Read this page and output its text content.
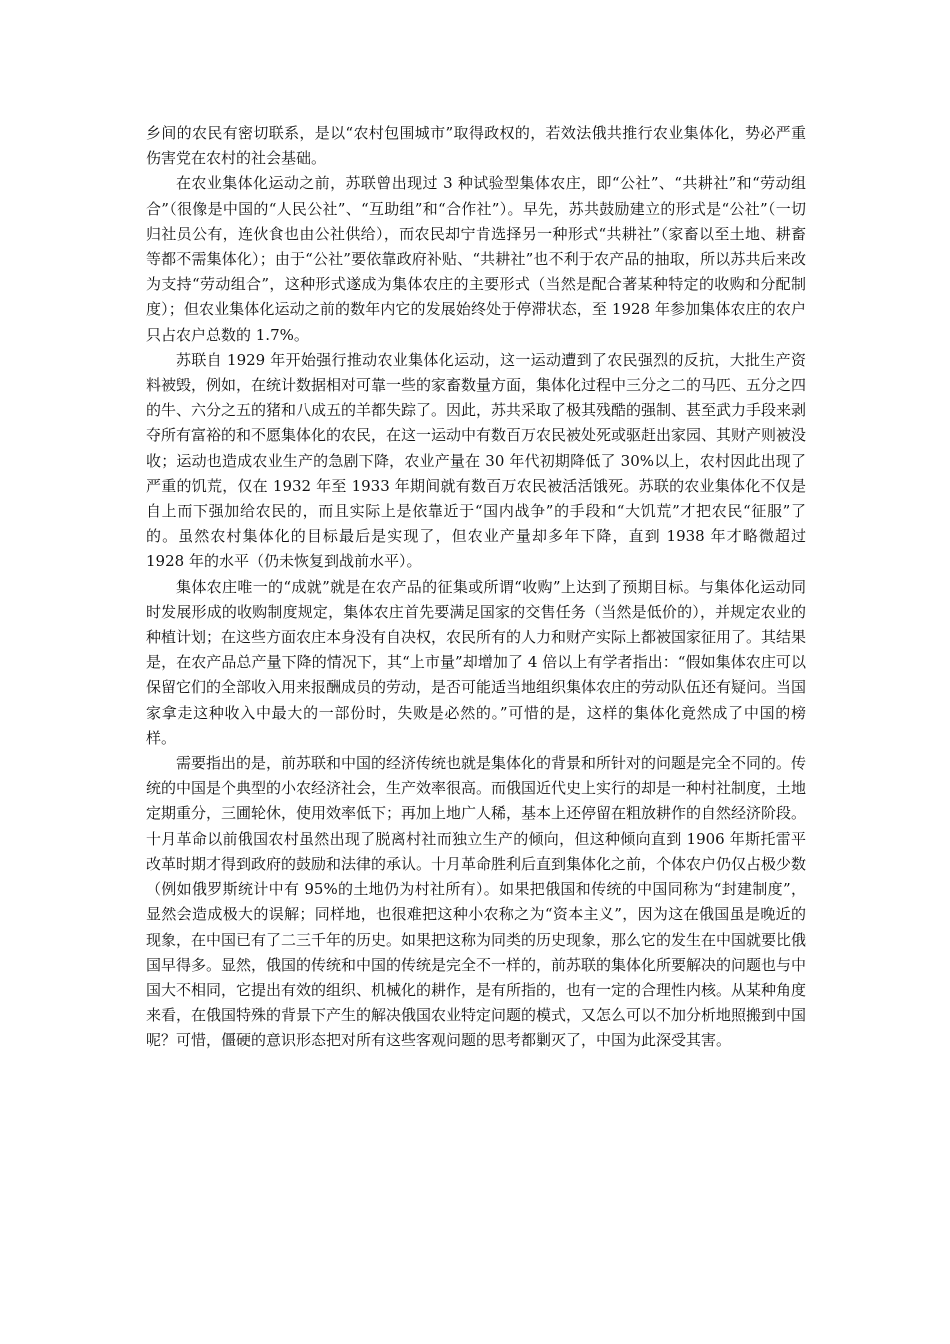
乡间的农民有密切联系，是以“农村包围城市”取得政权的，若效法俄共推行农业集体化，势必严重伤害党在农村的社会基础。

在农业集体化运动之前，苏联曾出现过 3 种试验型集体农庄，即“公社”、“共耕社”和“劳动组合”（很像是中国的“人民公社”、“互助组”和“合作社”）。早先，苏共鼓励建立的形式是“公社”（一切归社员公有，连伙食也由公社供给），而农民却宁肯选择另一种形式“共耕社”（家畜以至土地、耕畜等都不需集体化）；由于“公社”要依靠政府补贴、“共耕社”也不利于农产品的抽取，所以苏共后来改为支持“劳动组合”，这种形式遂成为集体农庄的主要形式（当然是配合著某种特定的收购和分配制度）；但农业集体化运动之前的数年内它的发展始终处于停滞状态，至 1928 年参加集体农庄的农户只占农户总数的 1.7%。

苏联自 1929 年开始强行推动农业集体化运动，这一运动遭到了农民强烈的反抗，大批生产资料被毁，例如，在统计数据相对可靠一些的家畜数量方面，集体化过程中三分之二的马匹、五分之四的牛、六分之五的猪和八成五的羊都失踪了。因此，苏共采取了极其残酷的强制、甚至武力手段来剥夺所有富裕的和不愿集体化的农民，在这一运动中有数百万农民被处死或驱赶出家园、其财产则被没收；运动也造成农业生产的急剧下降，农业产量在 30 年代初期降低了 30%以上，农村因此出现了严重的饥荒，仅在 1932 年至 1933 年期间就有数百万农民被活活饿死。苏联的农业集体化不仅是自上而下强加给农民的，而且实际上是依靠近于“国内战争”的手段和“大饥荒”才把农民“征服”了的。虽然农村集体化的目标最后是实现了，但农业产量却多年下降，直到 1938 年才略微超过 1928 年的水平（仍未恢复到战前水平）。

集体农庄唯一的“成就”就是在农产品的征集或所谓“收购”上达到了预期目标。与集体化运动同时发展形成的收购制度规定，集体农庄首先要满足国家的交售任务（当然是低价的），并规定农业的种植计划；在这些方面农庄本身没有自决权，农民所有的人力和财产实际上都被国家征用了。其结果是，在农产品总产量下降的情况下，其“上市量”却增加了 4 倍以上有学者指出：“假如集体农庄可以保留它们的全部收入用来报酬成员的劳动，是否可能适当地组织集体农庄的劳动队伍还有疑问。当国家拿走这种收入中最大的一部份时，失败是必然的。”可惜的是，这样的集体化竟然成了中国的榜样。

需要指出的是，前苏联和中国的经济传统也就是集体化的背景和所针对的问题是完全不同的。传统的中国是个典型的小农经济社会，生产效率很高。而俄国近代史上实行的却是一种村社制度，土地定期重分，三圃轮休，使用效率低下；再加上地广人稀，基本上还停留在粗放耕作的自然经济阶段。十月革命以前俄国农村虽然出现了脱离村社而独立生产的倾向，但这种倾向直到 1906 年斯托雷平改革时期才得到政府的鼓励和法律的承认。十月革命胜利后直到集体化之前，个体农户仍仅占极少数（例如俄罗斯统计中有 95%的土地仍为村社所有）。如果把俄国和传统的中国同称为“封建制度”，显然会造成极大的误解；同样地，也很难把这种小农称之为“资本主义”，因为这在俄国虽是晚近的现象，在中国已有了二三千年的历史。如果把这称为同类的历史现象，那么它的发生在中国就要比俄国早得多。显然，俄国的传统和中国的传统是完全不一样的，前苏联的集体化所要解决的问题也与中国大不相同，它提出有效的组织、机械化的耕作，是有所指的，也有一定的合理性内核。从某种角度来看，在俄国特殊的背景下产生的解决俄国农业特定问题的模式，又怎么可以不加分析地照搬到中国呢？可惜，僵硬的意识形态把对所有这些客观问题的思考都剿灭了，中国为此深受其害。
